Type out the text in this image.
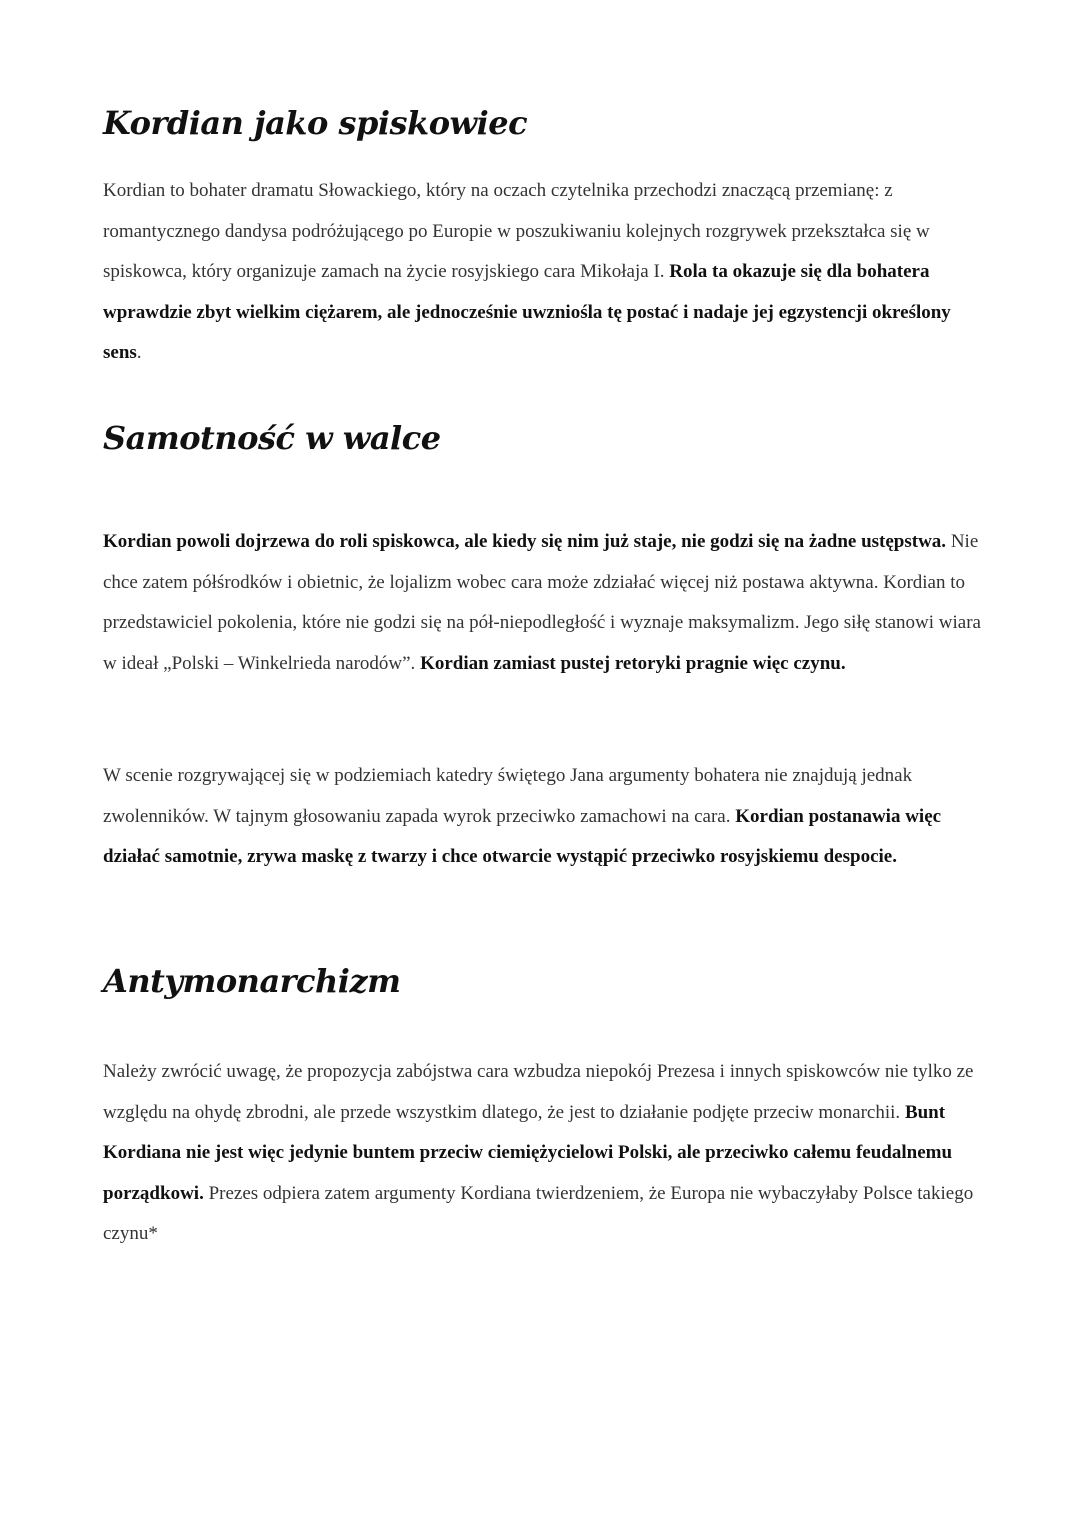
Kordian jako spiskowiec

Kordian to bohater dramatu Słowackiego, który na oczach czytelnika przechodzi znaczącą przemianę: z romantycznego dandysa podróżującego po Europie w poszukiwaniu kolejnych rozgrywek przekształca się w spiskowca, który organizuje zamach na życie rosyjskiego cara Mikołaja I. Rola ta okazuje się dla bohatera wprawdzie zbyt wielkim ciężarem, ale jednocześnie uwzniośla tę postać i nadaje jej egzystencji określony sens.

Samotność w walce

Kordian powoli dojrzewa do roli spiskowca, ale kiedy się nim już staje, nie godzi się na żadne ustępstwa. Nie chce zatem półśrodków i obietnic, że lojalizm wobec cara może zdziałać więcej niż postawa aktywna. Kordian to przedstawiciel pokolenia, które nie godzi się na pół-niepodległość i wyznaje maksymalizm. Jego siłę stanowi wiara w ideał „Polski – Winkelrieda narodów”. Kordian zamiast pustej retoryki pragnie więc czynu.

W scenie rozgrywającej się w podziemiach katedry świętego Jana argumenty bohatera nie znajdują jednak zwolenników. W tajnym głosowaniu zapada wyrok przeciwko zamachowi na cara. Kordian postanawia więc działać samotnie, zrywa maskę z twarzy i chce otwarcie wystąpić przeciwko rosyjskiemu despocie.

Antymonarchizm

Należy zwrócić uwagę, że propozycja zabójstwa cara wzbudza niepokój Prezesa i innych spiskowców nie tylko ze względu na ohydę zbrodni, ale przede wszystkim dlatego, że jest to działanie podjęte przeciw monarchii. Bunt Kordiana nie jest więc jedynie buntem przeciw ciemiężycielowi Polski, ale przeciwko całemu feudalnemu porządkowi. Prezes odpiera zatem argumenty Kordiana twierdzeniem, że Europa nie wybaczyłaby Polsce takiego czynu*
